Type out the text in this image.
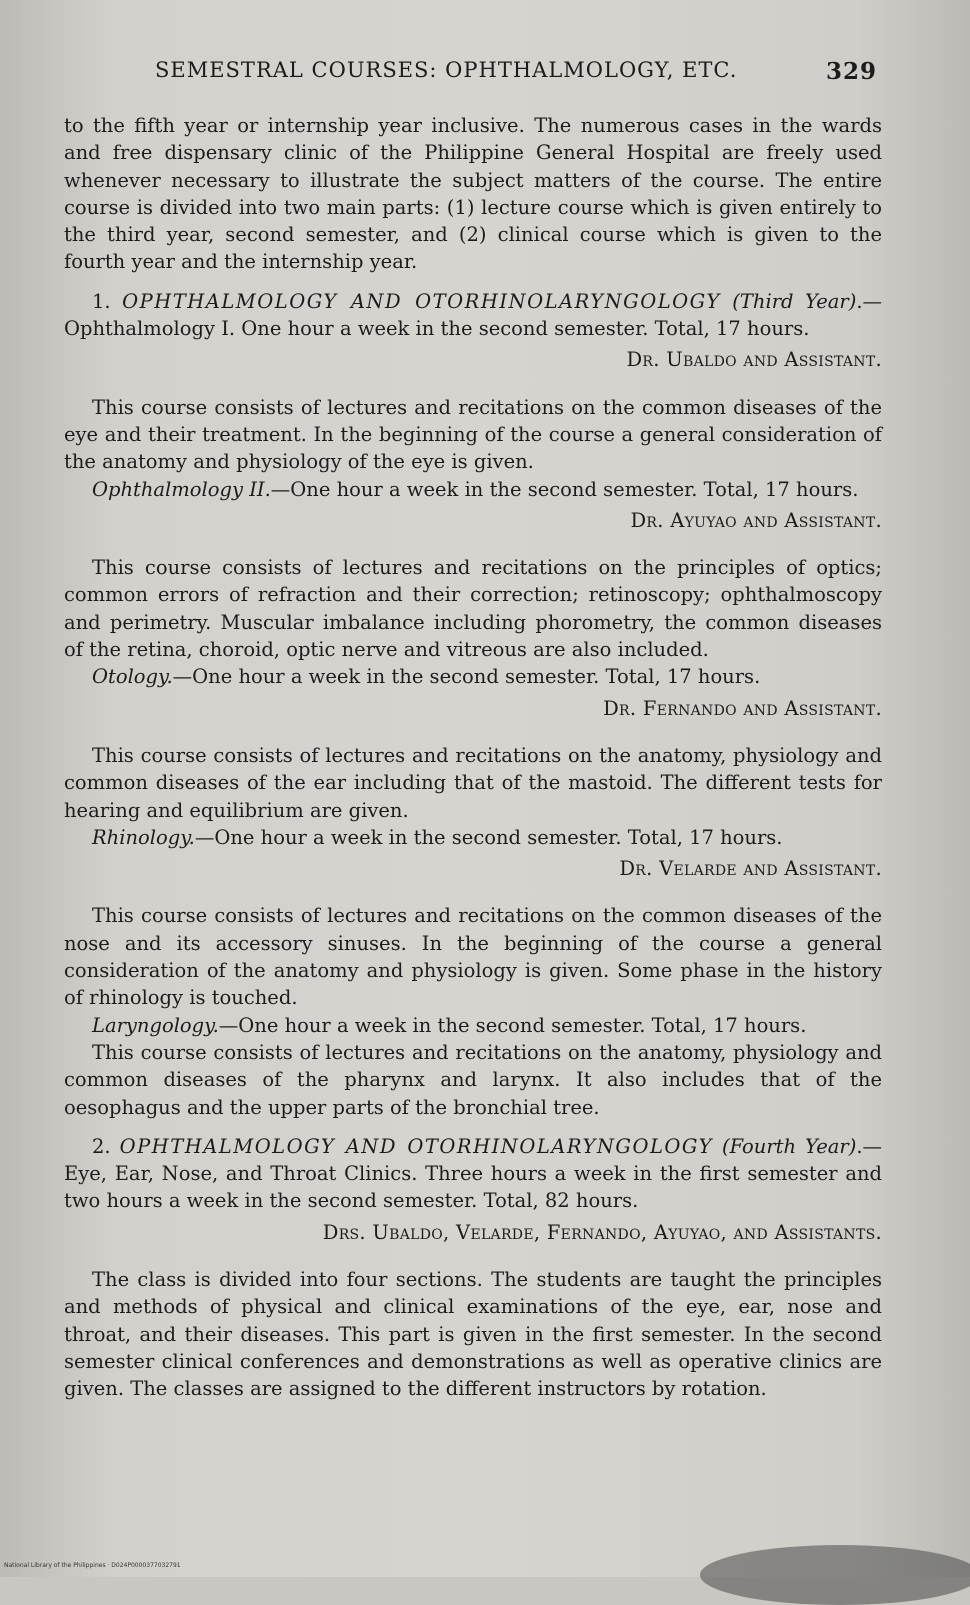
SEMESTRAL COURSES: OPHTHALMOLOGY, ETC.	329

to the fifth year or internship year inclusive. The numerous cases in the wards and free dispensary clinic of the Philippine General Hospital are freely used whenever necessary to illustrate the subject matters of the course. The entire course is divided into two main parts: (1) lecture course which is given entirely to the third year, second semester, and (2) clinical course which is given to the fourth year and the internship year.

1. OPHTHALMOLOGY AND OTORHINOLARYNGOLOGY (Third Year).—Ophthalmology I. One hour a week in the second semester. Total, 17 hours.

Dr. Ubaldo and Assistant.

This course consists of lectures and recitations on the common diseases of the eye and their treatment. In the beginning of the course a general consideration of the anatomy and physiology of the eye is given.

Ophthalmology II.—One hour a week in the second semester. Total, 17 hours.

Dr. Ayuyao and Assistant.

This course consists of lectures and recitations on the principles of optics; common errors of refraction and their correction; retinoscopy; ophthalmoscopy and perimetry. Muscular imbalance including phorometry, the common diseases of the retina, choroid, optic nerve and vitreous are also included.

Otology.—One hour a week in the second semester. Total, 17 hours.

Dr. Fernando and Assistant.

This course consists of lectures and recitations on the anatomy, physiology and common diseases of the ear including that of the mastoid. The different tests for hearing and equilibrium are given.

Rhinology.—One hour a week in the second semester. Total, 17 hours.

Dr. Velarde and Assistant.

This course consists of lectures and recitations on the common diseases of the nose and its accessory sinuses. In the beginning of the course a general consideration of the anatomy and physiology is given. Some phase in the history of rhinology is touched.

Laryngology.—One hour a week in the second semester. Total, 17 hours.

This course consists of lectures and recitations on the anatomy, physiology and common diseases of the pharynx and larynx. It also includes that of the oesophagus and the upper parts of the bronchial tree.

2. OPHTHALMOLOGY AND OTORHINOLARYNGOLOGY (Fourth Year).—Eye, Ear, Nose, and Throat Clinics. Three hours a week in the first semester and two hours a week in the second semester. Total, 82 hours.

Drs. Ubaldo, Velarde, Fernando, Ayuyao, and Assistants.

The class is divided into four sections. The students are taught the principles and methods of physical and clinical examinations of the eye, ear, nose and throat, and their diseases. This part is given in the first semester. In the second semester clinical conferences and demonstrations as well as operative clinics are given. The classes are assigned to the different instructors by rotation.

National Library of the Philippines · D024P0000377032791
